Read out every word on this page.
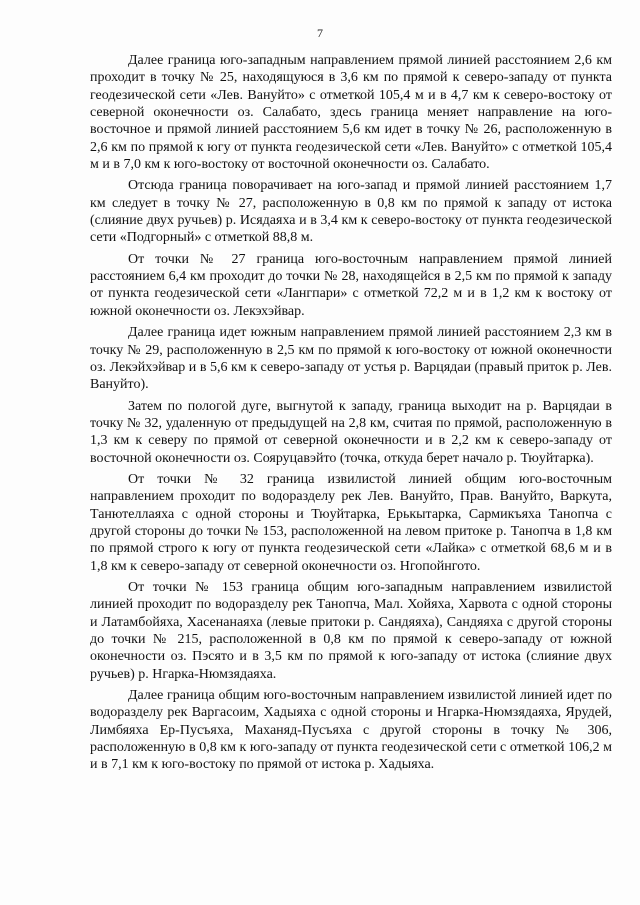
7

Далее граница юго-западным направлением прямой линией расстоянием 2,6 км проходит в точку № 25, находящуюся в 3,6 км по прямой к северо-западу от пункта геодезической сети «Лев. Вануйто» с отметкой 105,4 м и в 4,7 км к северо-востоку от северной оконечности оз. Салабато, здесь граница меняет направление на юго-восточное и прямой линией расстоянием 5,6 км идет в точку № 26, расположенную в 2,6 км по прямой к югу от пункта геодезической сети «Лев. Вануйто» с отметкой 105,4 м и в 7,0 км к юго-востоку от восточной оконечности оз. Салабато.

Отсюда граница поворачивает на юго-запад и прямой линией расстоянием 1,7 км следует в точку № 27, расположенную в 0,8 км по прямой к западу от истока (слияние двух ручьев) р. Исядаяха и в 3,4 км к северо-востоку от пункта геодезической сети «Подгорный» с отметкой 88,8 м.

От точки № 27 граница юго-восточным направлением прямой линией расстоянием 6,4 км проходит до точки № 28, находящейся в 2,5 км по прямой к западу от пункта геодезической сети «Лангпари» с отметкой 72,2 м и в 1,2 км к востоку от южной оконечности оз. Лекэхэйвар.

Далее граница идет южным направлением прямой линией расстоянием 2,3 км в точку № 29, расположенную в 2,5 км по прямой к юго-востоку от южной оконечности оз. Лекэйхэйвар и в 5,6 км к северо-западу от устья р. Варцядаи (правый приток р. Лев. Вануйто).

Затем по пологой дуге, выгнутой к западу, граница выходит на р. Варцядаи в точку № 32, удаленную от предыдущей на 2,8 км, считая по прямой, расположенную в 1,3 км к северу по прямой от северной оконечности и в 2,2 км к северо-западу от восточной оконечности оз. Сояруцавэйто (точка, откуда берет начало р. Тюуйтарка).

От точки № 32 граница извилистой линией общим юго-восточным направлением проходит по водоразделу рек Лев. Вануйто, Прав. Вануйто, Варкута, Танютеллаяха с одной стороны и Тюуйтарка, Ерькытарка, Сармикъяха Танопча с другой стороны до точки № 153, расположенной на левом притоке р. Танопча в 1,8 км по прямой строго к югу от пункта геодезической сети «Лайка» с отметкой 68,6 м и в 1,8 км к северо-западу от северной оконечности оз. Нгопойнгото.

От точки № 153 граница общим юго-западным направлением извилистой линией проходит по водоразделу рек Танопча, Мал. Хойяха, Харвота с одной стороны и Латамбойяха, Хасенанаяха (левые притоки р. Сандяяха), Сандяяха с другой стороны до точки № 215, расположенной в 0,8 км по прямой к северо-западу от южной оконечности оз. Пэсято и в 3,5 км по прямой к юго-западу от истока (слияние двух ручьев) р. Нгарка-Нюмзядаяха.

Далее граница общим юго-восточным направлением извилистой линией идет по водоразделу рек Варгасоим, Хадыяха с одной стороны и Нгарка-Нюмзядаяха, Ярудей, Лимбяяха Ер-Пусъяха, Маханяд-Пусъяха с другой стороны в точку № 306, расположенную в 0,8 км к юго-западу от пункта геодезической сети с отметкой 106,2 м и в 7,1 км к юго-востоку по прямой от истока р. Хадыяха.
